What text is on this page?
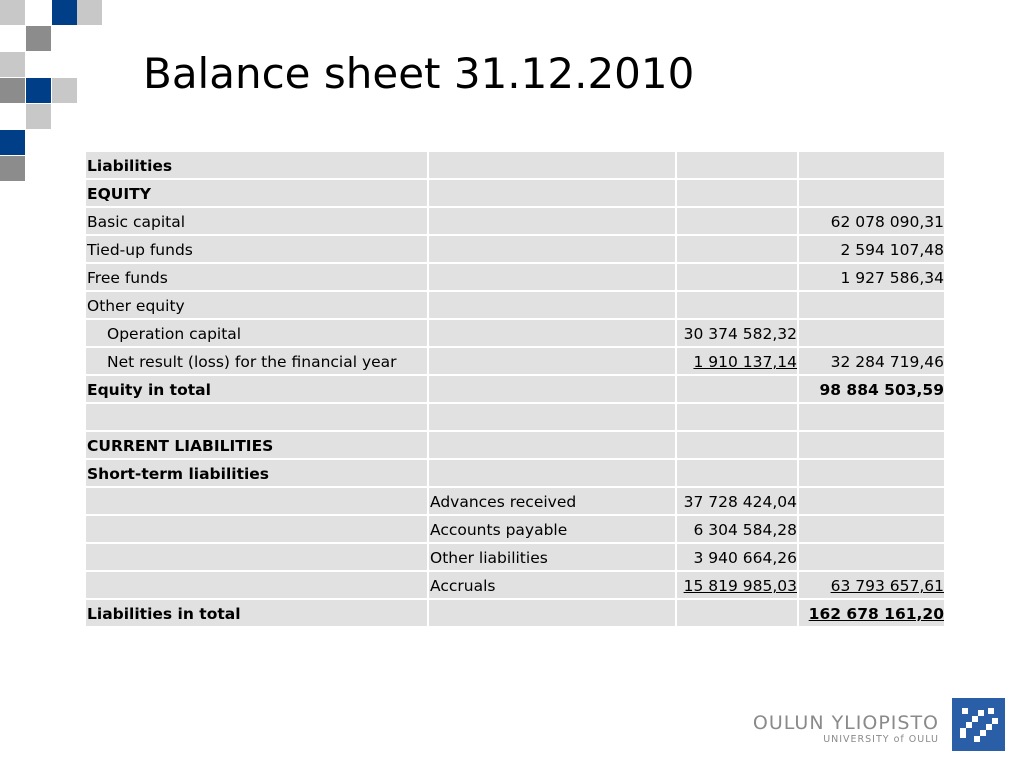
Balance sheet 31.12.2010
Liabilities			
EQUITY			
Basic capital			62 078 090,31
Tied-up funds			2 594 107,48
Free funds			1 927 586,34
Other equity			
Operation capital		30 374 582,32	
Net result (loss) for the financial year		1 910 137,14	32 284 719,46
Equity in total			98 884 503,59

CURRENT LIABILITIES			
Short-term liabilities			
	Advances received	37 728 424,04	
	Accounts payable	6 304 584,28	
	Other liabilities	3 940 664,26	
	Accruals	15 819 985,03	63 793 657,61
Liabilities in total			162 678 161,20
OULUN YLIOPISTO
UNIVERSITY of OULU
